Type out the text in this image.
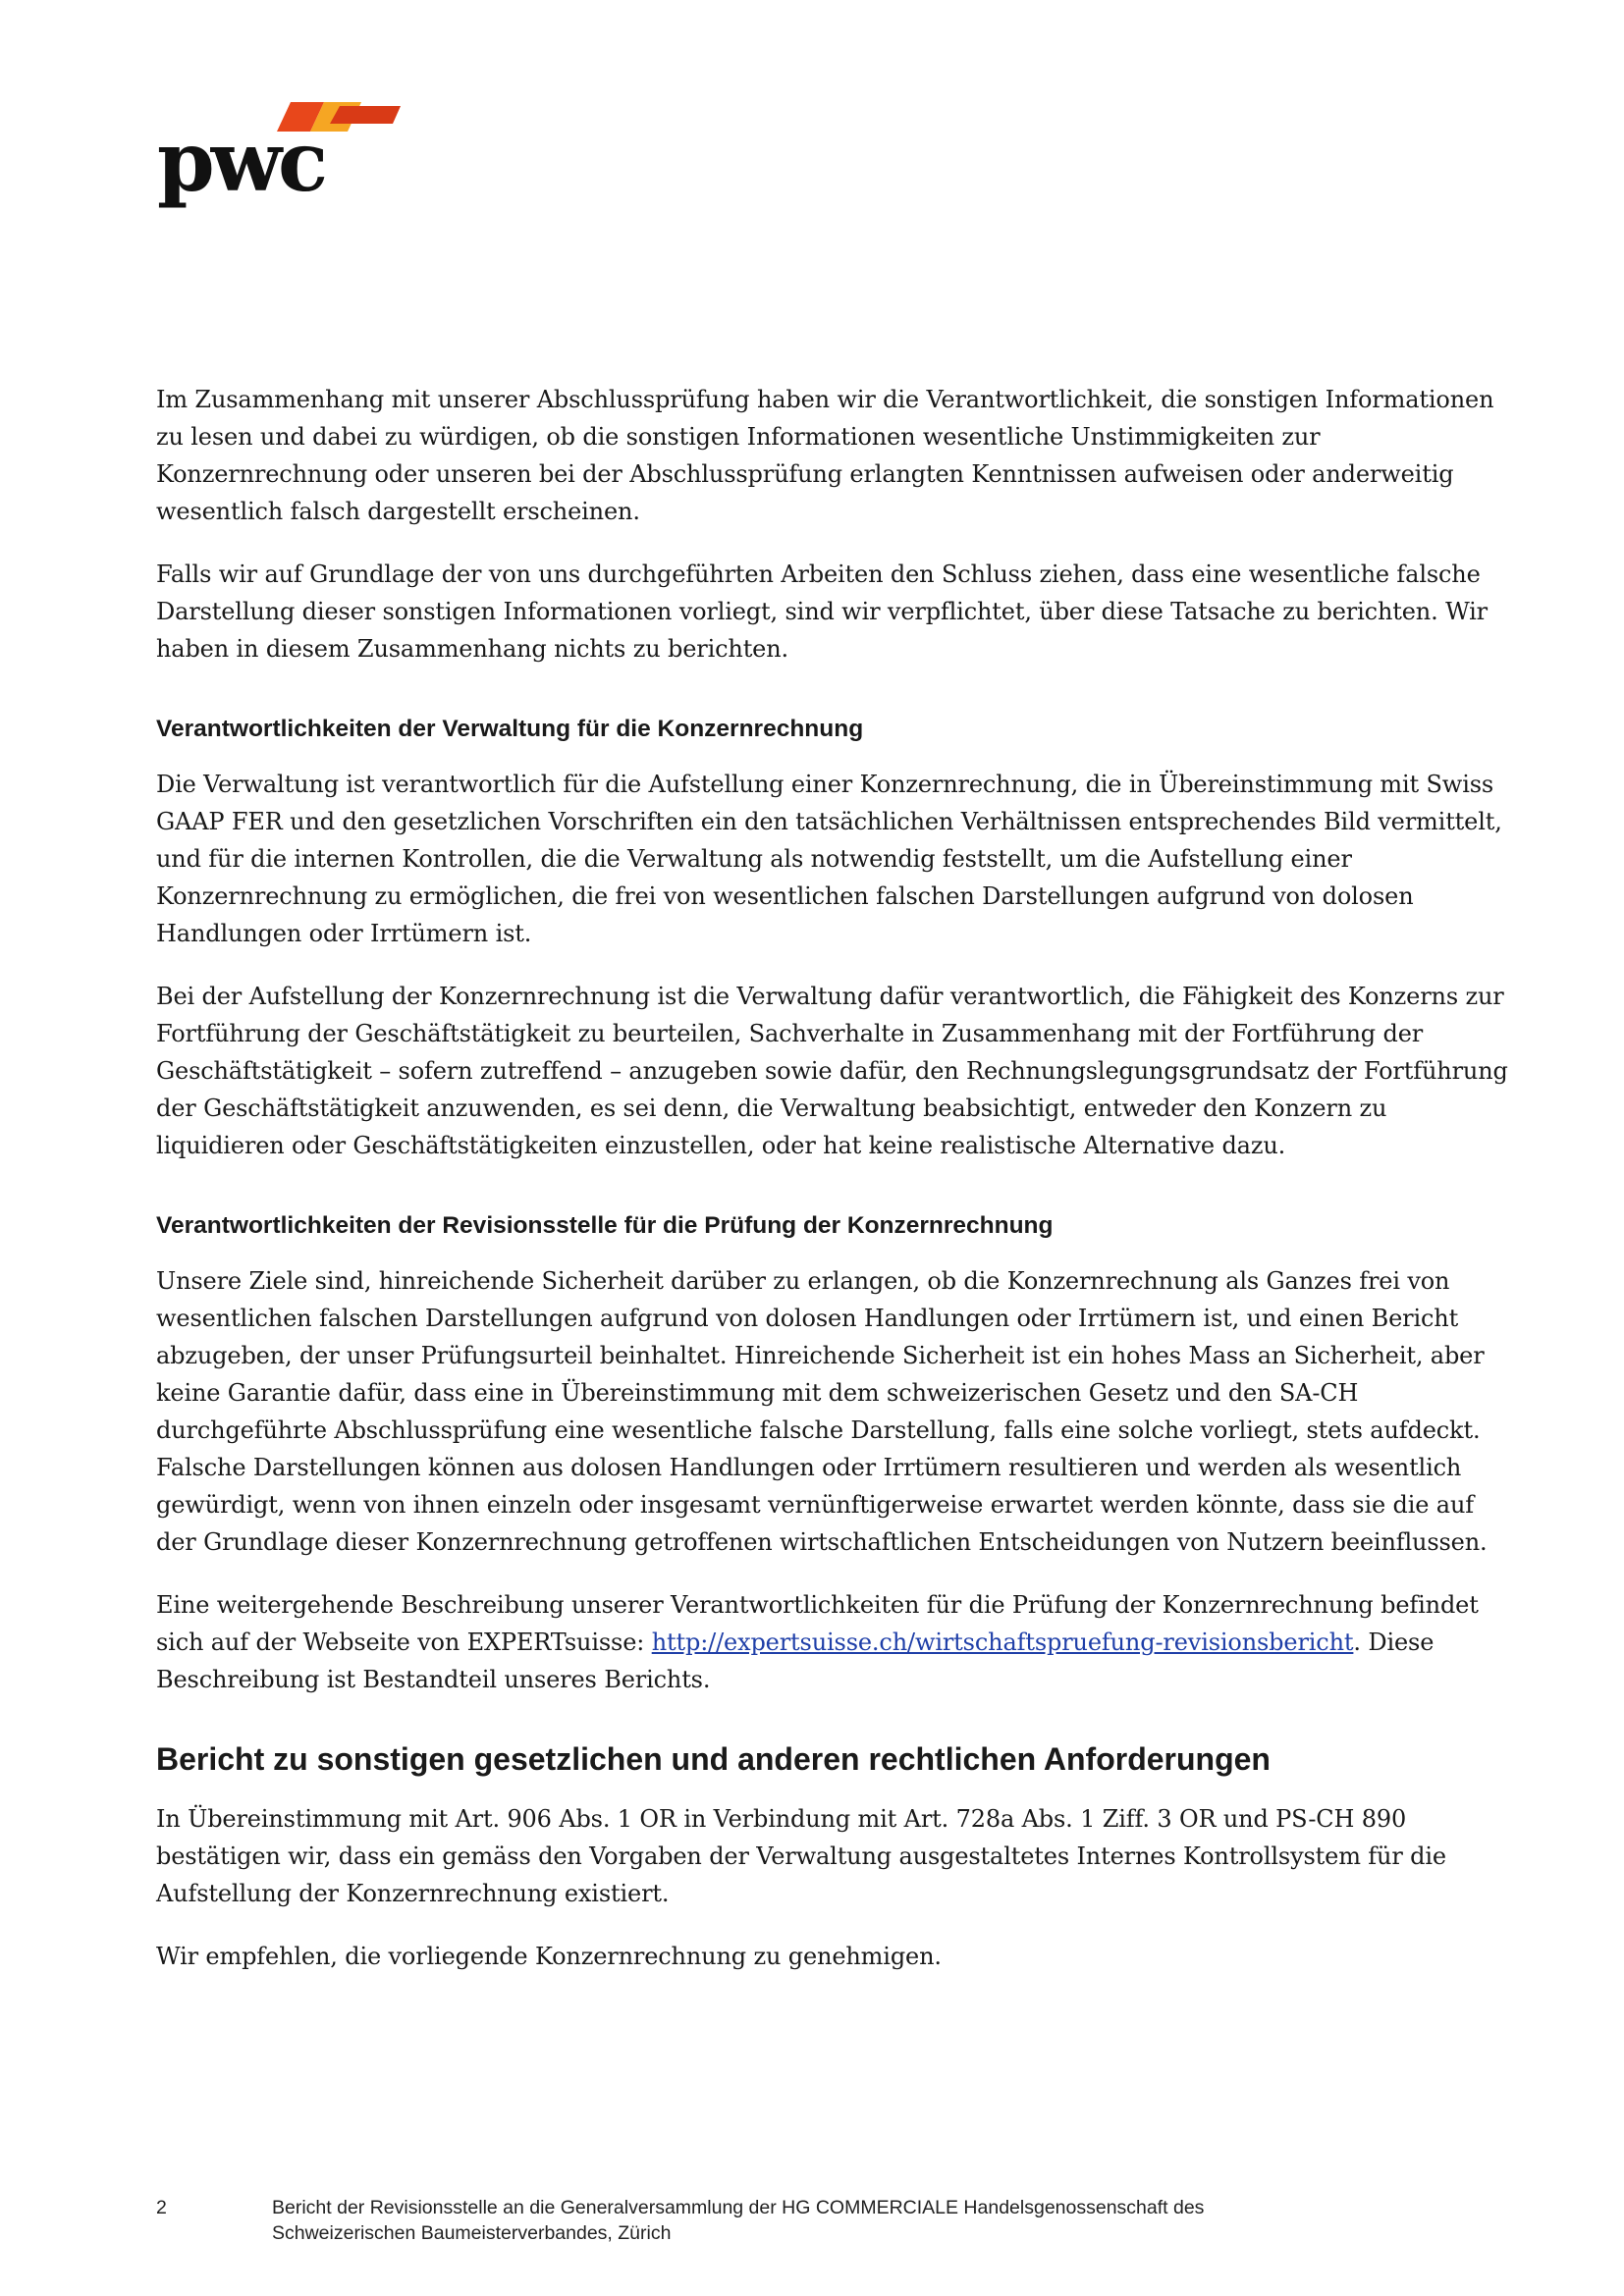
pwc

Im Zusammenhang mit unserer Abschlussprüfung haben wir die Verantwortlichkeit, die sonstigen Informationen zu lesen und dabei zu würdigen, ob die sonstigen Informationen wesentliche Unstimmigkeiten zur Konzernrechnung oder unseren bei der Abschlussprüfung erlangten Kenntnissen aufweisen oder anderweitig wesentlich falsch dargestellt erscheinen.

Falls wir auf Grundlage der von uns durchgeführten Arbeiten den Schluss ziehen, dass eine wesentliche falsche Darstellung dieser sonstigen Informationen vorliegt, sind wir verpflichtet, über diese Tatsache zu berichten. Wir haben in diesem Zusammenhang nichts zu berichten.

Verantwortlichkeiten der Verwaltung für die Konzernrechnung

Die Verwaltung ist verantwortlich für die Aufstellung einer Konzernrechnung, die in Übereinstimmung mit Swiss GAAP FER und den gesetzlichen Vorschriften ein den tatsächlichen Verhältnissen entsprechendes Bild vermittelt, und für die internen Kontrollen, die die Verwaltung als notwendig feststellt, um die Aufstellung einer Konzernrechnung zu ermöglichen, die frei von wesentlichen falschen Darstellungen aufgrund von dolosen Handlungen oder Irrtümern ist.

Bei der Aufstellung der Konzernrechnung ist die Verwaltung dafür verantwortlich, die Fähigkeit des Konzerns zur Fortführung der Geschäftstätigkeit zu beurteilen, Sachverhalte in Zusammenhang mit der Fortführung der Geschäftstätigkeit – sofern zutreffend – anzugeben sowie dafür, den Rechnungslegungsgrundsatz der Fortführung der Geschäftstätigkeit anzuwenden, es sei denn, die Verwaltung beabsichtigt, entweder den Konzern zu liquidieren oder Geschäftstätigkeiten einzustellen, oder hat keine realistische Alternative dazu.

Verantwortlichkeiten der Revisionsstelle für die Prüfung der Konzernrechnung

Unsere Ziele sind, hinreichende Sicherheit darüber zu erlangen, ob die Konzernrechnung als Ganzes frei von wesentlichen falschen Darstellungen aufgrund von dolosen Handlungen oder Irrtümern ist, und einen Bericht abzugeben, der unser Prüfungsurteil beinhaltet. Hinreichende Sicherheit ist ein hohes Mass an Sicherheit, aber keine Garantie dafür, dass eine in Übereinstimmung mit dem schweizerischen Gesetz und den SA-CH durchgeführte Abschlussprüfung eine wesentliche falsche Darstellung, falls eine solche vorliegt, stets aufdeckt. Falsche Darstellungen können aus dolosen Handlungen oder Irrtümern resultieren und werden als wesentlich gewürdigt, wenn von ihnen einzeln oder insgesamt vernünftigerweise erwartet werden könnte, dass sie die auf der Grundlage dieser Konzernrechnung getroffenen wirtschaftlichen Entscheidungen von Nutzern beeinflussen.

Eine weitergehende Beschreibung unserer Verantwortlichkeiten für die Prüfung der Konzernrechnung befindet sich auf der Webseite von EXPERTsuisse: http://expertsuisse.ch/wirtschaftspruefung-revisionsbericht. Diese Beschreibung ist Bestandteil unseres Berichts.

Bericht zu sonstigen gesetzlichen und anderen rechtlichen Anforderungen

In Übereinstimmung mit Art. 906 Abs. 1 OR in Verbindung mit Art. 728a Abs. 1 Ziff. 3 OR und PS-CH 890 bestätigen wir, dass ein gemäss den Vorgaben der Verwaltung ausgestaltetes Internes Kontrollsystem für die Aufstellung der Konzernrechnung existiert.

Wir empfehlen, die vorliegende Konzernrechnung zu genehmigen.

2	Bericht der Revisionsstelle an die Generalversammlung der HG COMMERCIALE Handelsgenossenschaft des
Schweizerischen Baumeisterverbandes, Zürich
